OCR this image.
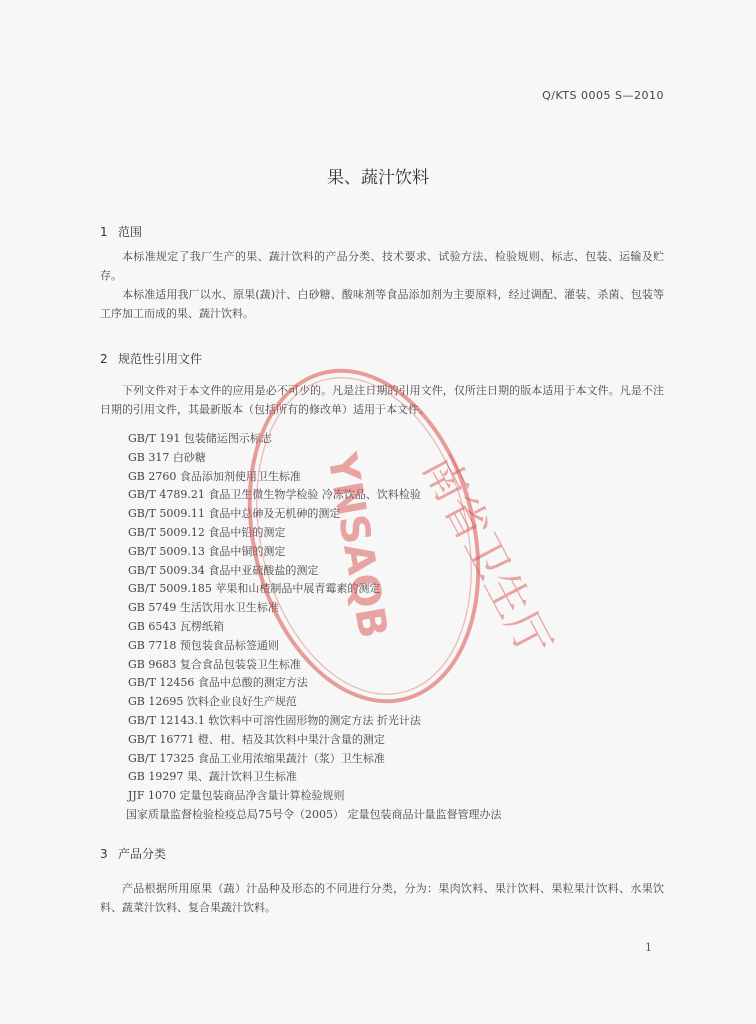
Q/KTS 0005 S—2010
果、蔬汁饮料
1 范围

本标准规定了我厂生产的果、蔬汁饮料的产品分类、技术要求、试验方法、检验规则、标志、包装、运输及贮存。

本标准适用我厂以水、原果(蔬)汁、白砂糖、酸味剂等食品添加剂为主要原料，经过调配、灌装、杀菌、包装等工序加工而成的果、蔬汁饮料。

2 规范性引用文件

下列文件对于本文件的应用是必不可少的。凡是注日期的引用文件，仅所注日期的版本适用于本文件。凡是不注日期的引用文件，其最新版本（包括所有的修改单）适用于本文件。

GB/T 191 包装储运图示标志
GB 317 白砂糖
GB 2760 食品添加剂使用卫生标准
GB/T 4789.21 食品卫生微生物学检验 冷冻饮品、饮料检验
GB/T 5009.11 食品中总砷及无机砷的测定
GB/T 5009.12 食品中铅的测定
GB/T 5009.13 食品中铜的测定
GB/T 5009.34 食品中亚硫酸盐的测定
GB/T 5009.185 苹果和山楂制品中展青霉素的测定
GB 5749 生活饮用水卫生标准
GB 6543 瓦楞纸箱
GB 7718 预包装食品标签通则
GB 9683 复合食品包装袋卫生标准
GB/T 12456 食品中总酸的测定方法
GB 12695 饮料企业良好生产规范
GB/T 12143.1 软饮料中可溶性固形物的测定方法 折光计法
GB/T 16771 橙、柑、桔及其饮料中果汁含量的测定
GB/T 17325 食品工业用浓缩果蔬汁（浆）卫生标准
GB 19297 果、蔬汁饮料卫生标准
JJF 1070 定量包装商品净含量计算检验规则
国家质量监督检验检疫总局75号令（2005） 定量包装商品计量监督管理办法
3 产品分类

产品根据所用原果（蔬）汁品种及形态的不同进行分类，分为：果肉饮料、果汁饮料、果粒果汁饮料、水果饮料、蔬菜汁饮料、复合果蔬汁饮料。

南省卫生厅
YNSAQB
1
